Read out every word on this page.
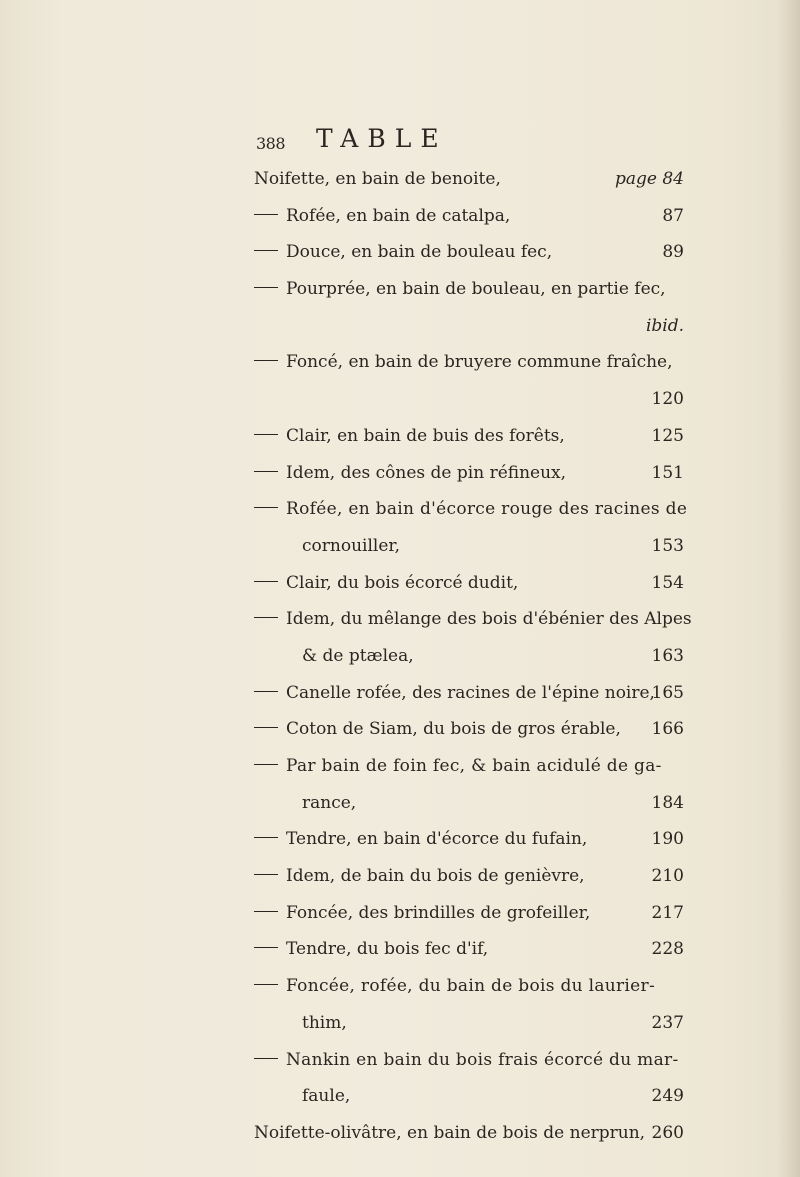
388 TABLE
Noifette, en bain de benoite,	page 84
Rofée, en bain de catalpa,	87
Douce, en bain de bouleau fec,	89
Pourprée, en bain de bouleau, en partie fec,
ibid.
Foncé, en bain de bruyere commune fraîche,
120
Clair, en bain de buis des forêts,	125
Idem, des cônes de pin réfineux,	151
Rofée, en bain d'écorce rouge des racines de
cornouiller,	153
Clair, du bois écorcé dudit,	154
Idem, du mêlange des bois d'ébénier des Alpes
& de ptælea,	163
Canelle rofée, des racines de l'épine noire,
165
Coton de Siam, du bois de gros érable, 166
Par bain de foin fec, & bain acidulé de ga-
rance,	184
Tendre, en bain d'écorce du fufain,	190
Idem, de bain du bois de genièvre,	210
Foncée, des brindilles de grofeiller,	217
Tendre, du bois fec d'if,	228
Foncée, rofée, du bain de bois du laurier-
thim,	237
Nankin en bain du bois frais écorcé du mar-
faule,	249
Noifette-olivâtre, en bain de bois de nerprun, 260
